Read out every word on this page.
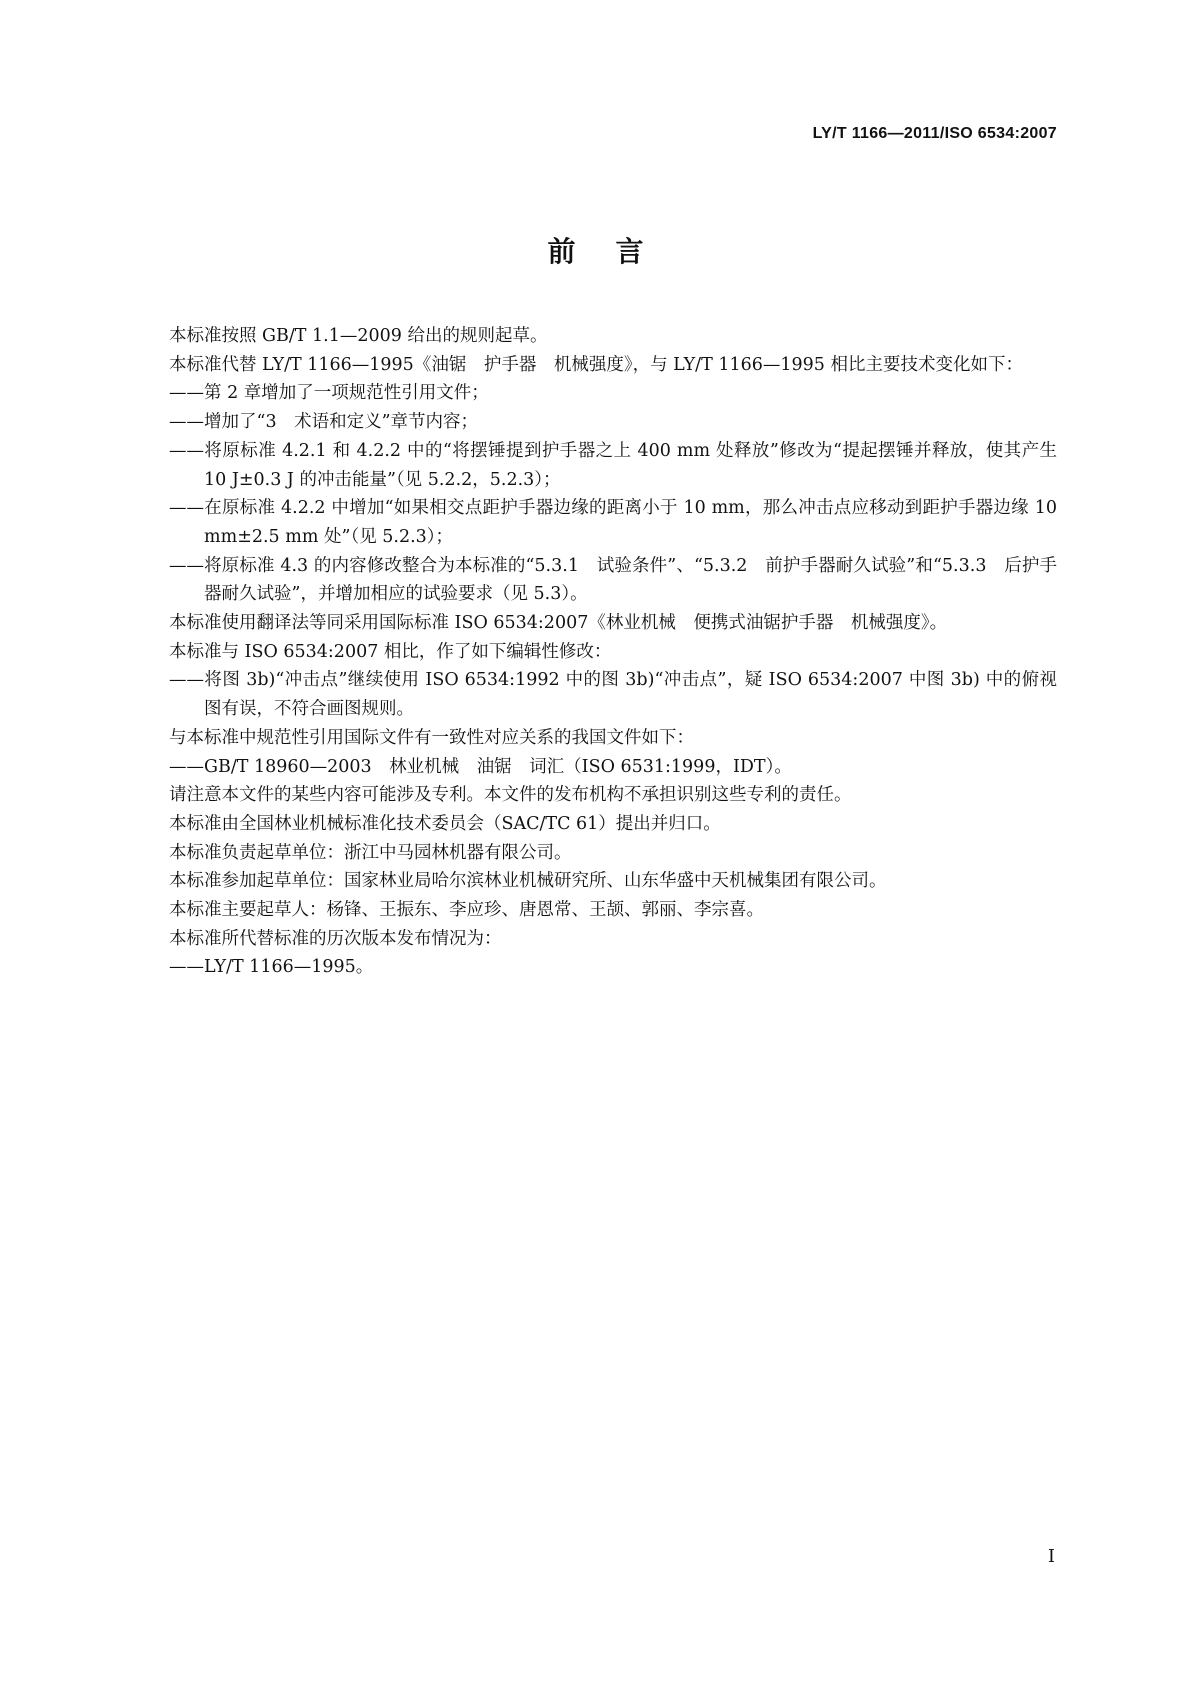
LY/T 1166—2011/ISO 6534:2007
前言

本标准按照 GB/T 1.1—2009 给出的规则起草。

本标准代替 LY/T 1166—1995《油锯　护手器　机械强度》，与 LY/T 1166—1995 相比主要技术变化如下：

——第 2 章增加了一项规范性引用文件；

——增加了“3　术语和定义”章节内容；

——将原标准 4.2.1 和 4.2.2 中的“将摆锤提到护手器之上 400 mm 处释放”修改为“提起摆锤并释放，使其产生 10 J±0.3 J 的冲击能量”（见 5.2.2，5.2.3）；

——在原标准 4.2.2 中增加“如果相交点距护手器边缘的距离小于 10 mm，那么冲击点应移动到距护手器边缘 10 mm±2.5 mm 处”（见 5.2.3）；

——将原标准 4.3 的内容修改整合为本标准的“5.3.1　试验条件”、“5.3.2　前护手器耐久试验”和“5.3.3　后护手器耐久试验”，并增加相应的试验要求（见 5.3）。

本标准使用翻译法等同采用国际标准 ISO 6534:2007《林业机械　便携式油锯护手器　机械强度》。

本标准与 ISO 6534:2007 相比，作了如下编辑性修改：

——将图 3b)“冲击点”继续使用 ISO 6534:1992 中的图 3b)“冲击点”，疑 ISO 6534:2007 中图 3b) 中的俯视图有误，不符合画图规则。

与本标准中规范性引用国际文件有一致性对应关系的我国文件如下：

——GB/T 18960—2003　林业机械　油锯　词汇（ISO 6531:1999，IDT）。

请注意本文件的某些内容可能涉及专利。本文件的发布机构不承担识别这些专利的责任。

本标准由全国林业机械标准化技术委员会（SAC/TC 61）提出并归口。

本标准负责起草单位：浙江中马园林机器有限公司。

本标准参加起草单位：国家林业局哈尔滨林业机械研究所、山东华盛中天机械集团有限公司。

本标准主要起草人：杨锋、王振东、李应珍、唐恩常、王颉、郭丽、李宗喜。

本标准所代替标准的历次版本发布情况为：

——LY/T 1166—1995。

I
